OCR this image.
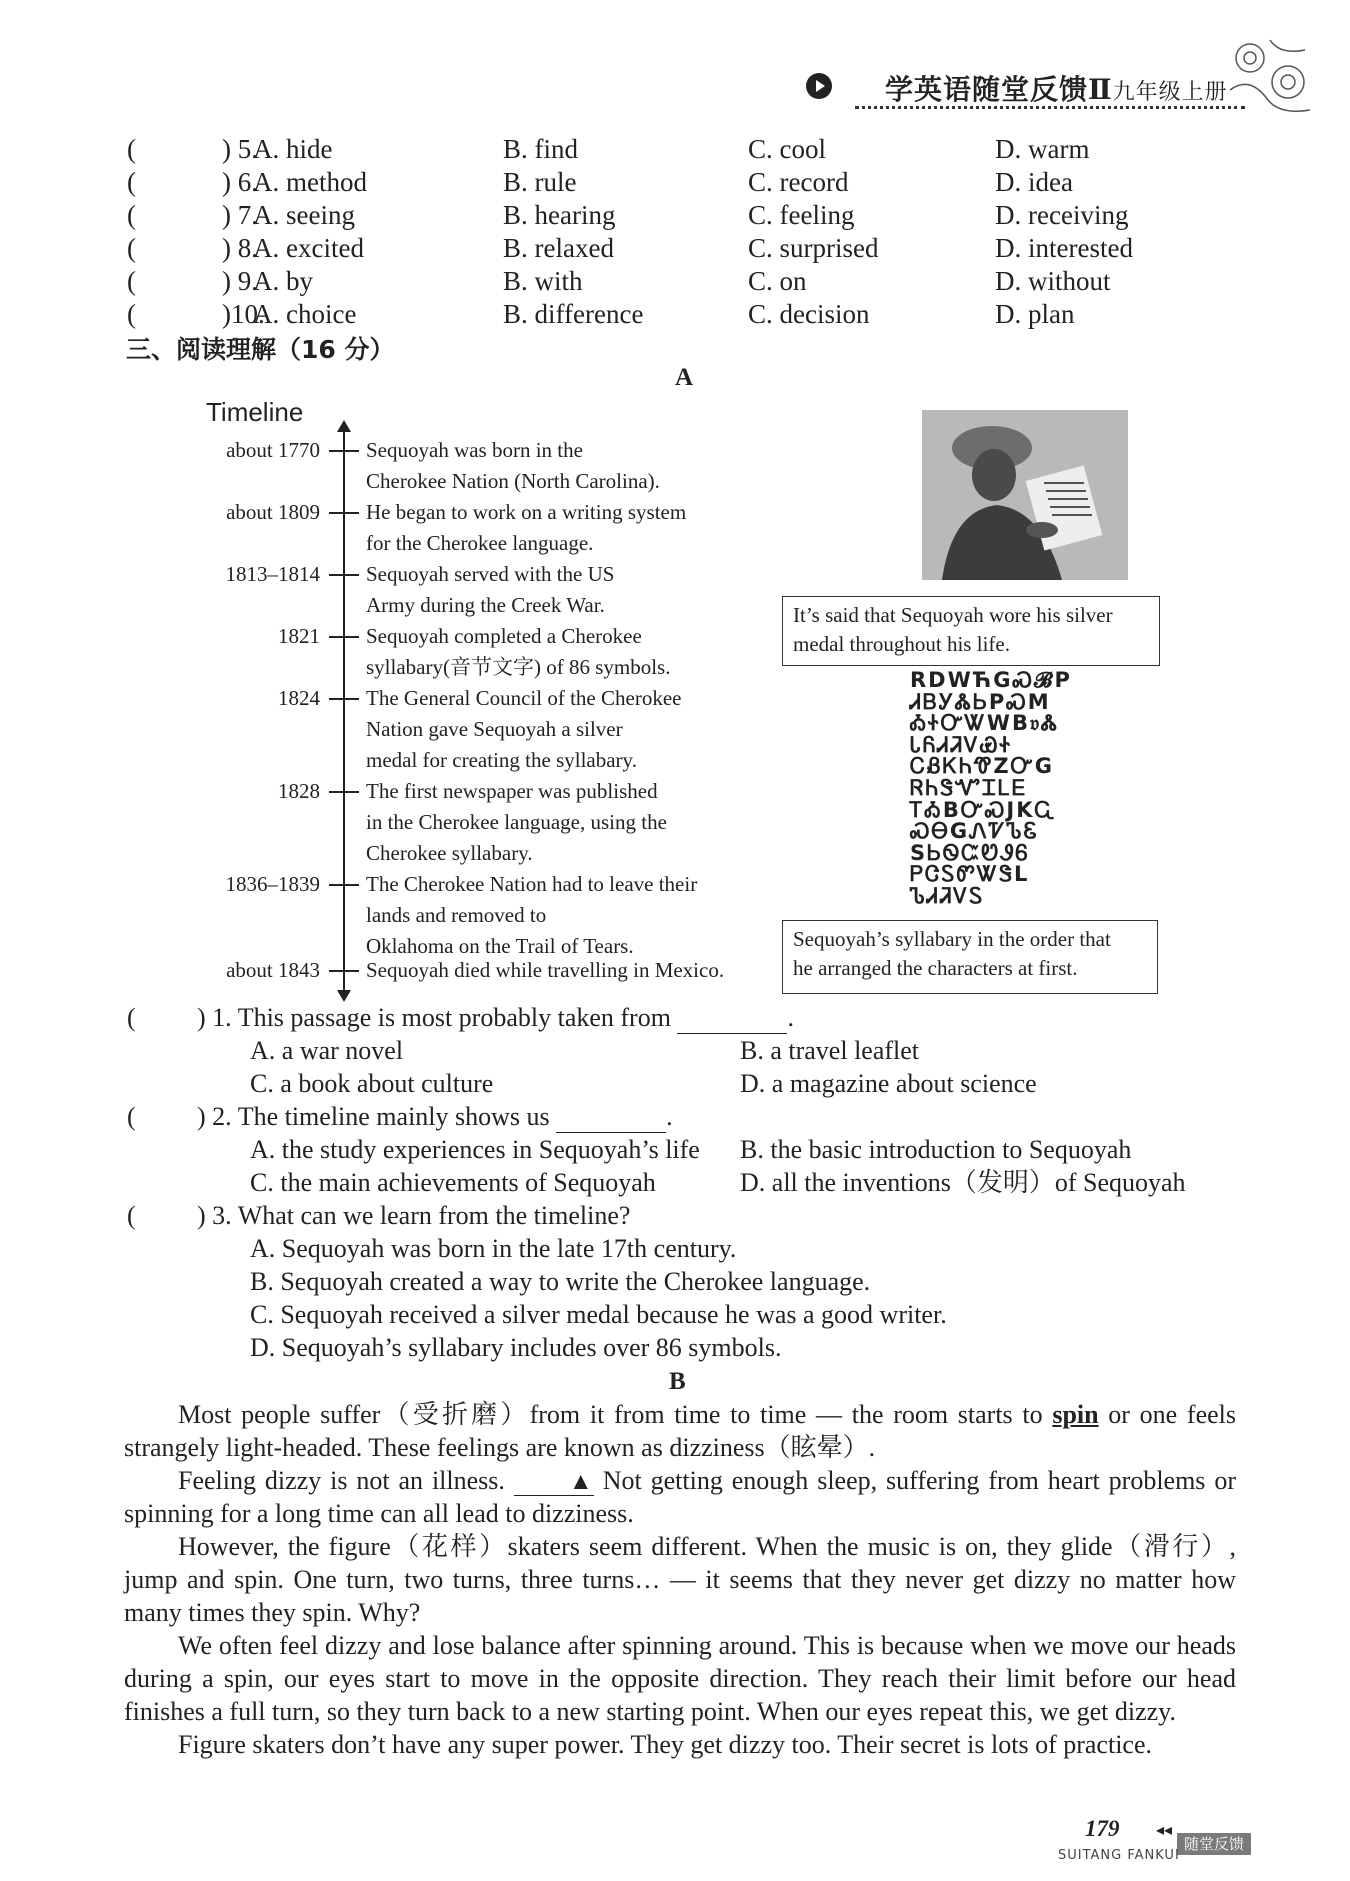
学英语随堂反馈Ⅱ九年级上册
(	) 5.
A. hide	B. find	C. cool	D. warm
(	) 6.
A. method	B. rule	C. record	D. idea
(	) 7.
A. seeing	B. hearing	C. feeling	D. receiving
(	) 8.
A. excited	B. relaxed	C. surprised	D. interested
(	) 9.
A. by	B. with	C. on	D. without
(	)10.
A. choice	B. difference	C. decision	D. plan
三、阅读理解（16 分）
A
Timeline
about 1770 Sequoyah was born in the
Cherokee Nation (North Carolina).
about 1809 He began to work on a writing system
for the Cherokee language.
1813–1814 Sequoyah served with the US
Army during the Creek War.
1821 Sequoyah completed a Cherokee
syllabary(音节文字) of 86 symbols.
1824 The General Council of the Cherokee
Nation gave Sequoyah a silver
medal for creating the syllabary.
1828 The first newspaper was published
in the Cherokee language, using the
Cherokee syllabary.
1836–1839 The Cherokee Nation had to leave their
lands and removed to
Oklahoma on the Trail of Tears.
about 1843 Sequoyah died while travelling in Mexico.
It’s said that Sequoyah wore his silver
medal throughout his life.
RDWЋGᏍ𝓑P
ᏗᏴᎩᏜᏏPᏍM
ᎣᏐᏅᏔWB𝔳Ꮬ
ᏓᏲᏗᏘᏙᏯᏐ
ᏟᏰᏦᏂᏡZᏅG
ᏒᏂᏕᏉᏆᏞᎬ
ᎢᎣBᏅᏍJKᏩ
ᏍᎾGᏁᏤᏖᏋ
SᏏᏫᏨᏬᏭᏮ
ᏢᏣᏚᏛᏔᏕL
ᏖᏗᏘᏙᏚ
Sequoyah’s syllabary in the order that
he arranged the characters at first.
( ) 1. This passage is most probably taken from	.
A. a war novel	B. a travel leaflet
C. a book about culture	D. a magazine about science
( ) 2. The timeline mainly shows us	.
A. the study experiences in Sequoyah’s life B. the basic introduction to Sequoyah
C. the main achievements of Sequoyah	D. all the inventions（发明）of Sequoyah
( ) 3. What can we learn from the timeline?
A. Sequoyah was born in the late 17th century.
B. Sequoyah created a way to write the Cherokee language.
C. Sequoyah received a silver medal because he was a good writer.
D. Sequoyah’s syllabary includes over 86 symbols.
B

Most people suffer（受折磨）from it from time to time — the room starts to spin or one feels strangely light-headed. These feelings are known as dizziness（眩晕）.

Feeling dizzy is not an illness. ▲ Not getting enough sleep, suffering from heart problems or spinning for a long time can all lead to dizziness.

However, the figure（花样）skaters seem different. When the music is on, they glide（滑行）, jump and spin. One turn, two turns, three turns… — it seems that they never get dizzy no matter how many times they spin. Why?

We often feel dizzy and lose balance after spinning around. This is because when we move our heads during a spin, our eyes start to move in the opposite direction. They reach their limit before our head finishes a full turn, so they turn back to a new starting point. When our eyes repeat this, we get dizzy.

Figure skaters don’t have any super power. They get dizzy too. Their secret is lots of practice.

179 ◂◂
随堂反馈
SUITANG FANKUI
